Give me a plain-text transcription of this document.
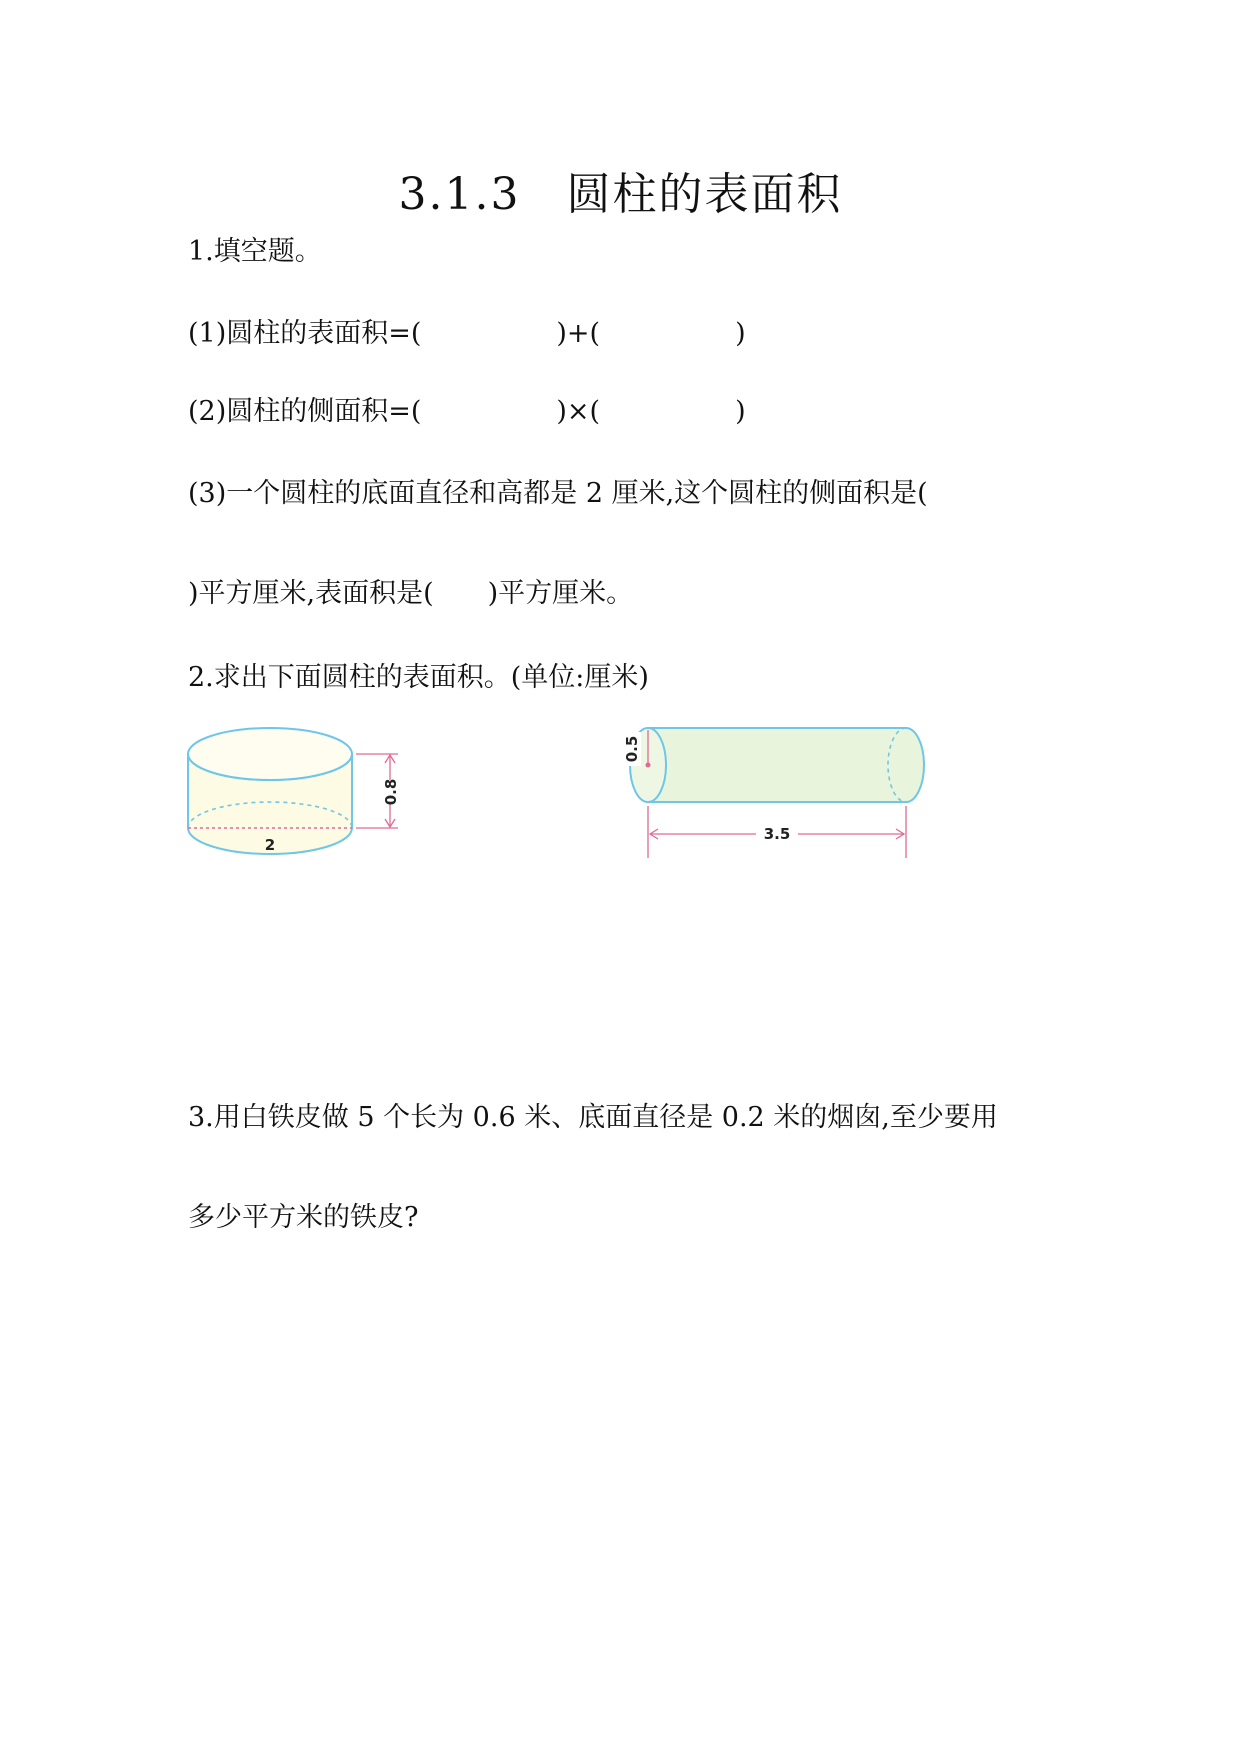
3.1.3　圆柱的表面积
1.填空题。
(1)圆柱的表面积=(　　　　　)+(　　　　　)
(2)圆柱的侧面积=(　　　　　)×(　　　　　)
(3)一个圆柱的底面直径和高都是 2 厘米,这个圆柱的侧面积是(
)平方厘米,表面积是(　　)平方厘米。
2.求出下面圆柱的表面积。(单位:厘米)
2
0.8
0.5
3.5
3.用白铁皮做 5 个长为 0.6 米、底面直径是 0.2 米的烟囱,至少要用
多少平方米的铁皮?
